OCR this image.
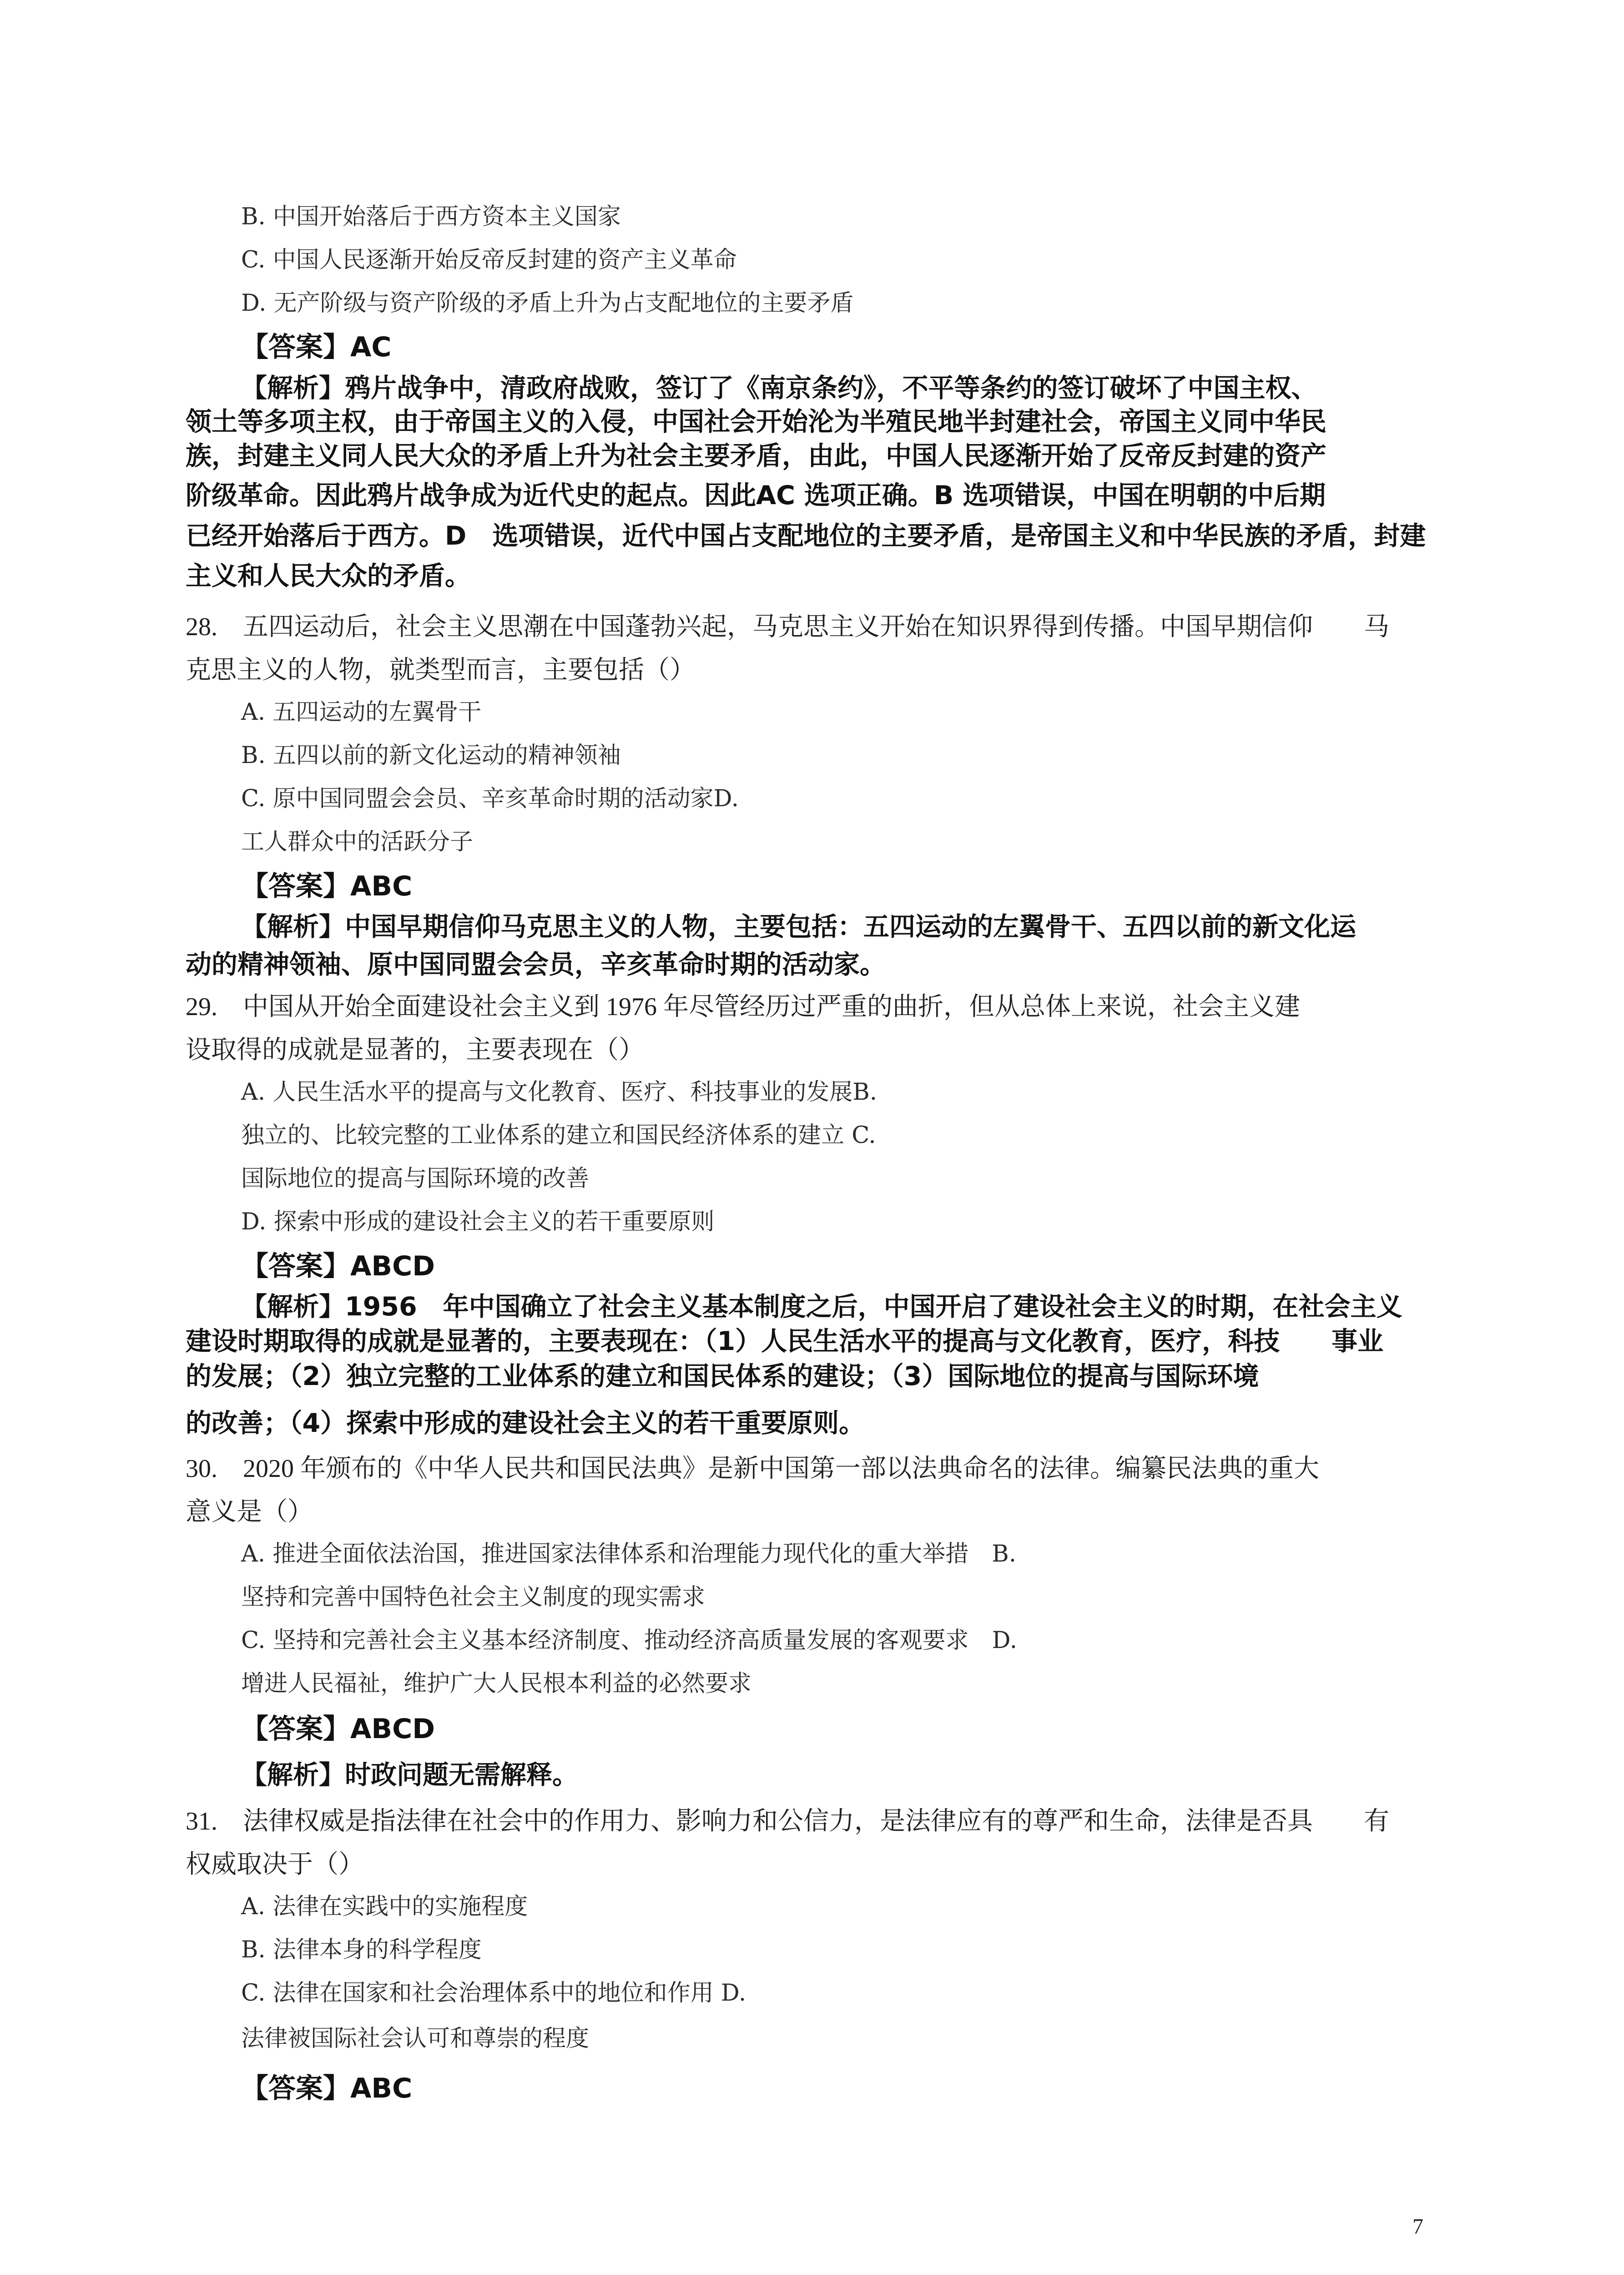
B. 中国开始落后于西方资本主义国家

C. 中国人民逐渐开始反帝反封建的资产主义革命

D. 无产阶级与资产阶级的矛盾上升为占支配地位的主要矛盾

【答案】AC

【解析】鸦片战争中，清政府战败，签订了《南京条约》，不平等条约的签订破坏了中国主权、

领土等多项主权，由于帝国主义的入侵，中国社会开始沦为半殖民地半封建社会，帝国主义同中华民

族，封建主义同人民大众的矛盾上升为社会主要矛盾，由此，中国人民逐渐开始了反帝反封建的资产

阶级革命。因此鸦片战争成为近代史的起点。因此AC 选项正确。B 选项错误，中国在明朝的中后期

已经开始落后于西方。D　选项错误，近代中国占支配地位的主要矛盾，是帝国主义和中华民族的矛盾，封建

主义和人民大众的矛盾。

28.　五四运动后，社会主义思潮在中国蓬勃兴起，马克思主义开始在知识界得到传播。中国早期信仰　　马

克思主义的人物，就类型而言，主要包括（）

A. 五四运动的左翼骨干

B. 五四以前的新文化运动的精神领袖

C. 原中国同盟会会员、辛亥革命时期的活动家D.

工人群众中的活跃分子

【答案】ABC

【解析】中国早期信仰马克思主义的人物，主要包括：五四运动的左翼骨干、五四以前的新文化运

动的精神领袖、原中国同盟会会员，辛亥革命时期的活动家。

29.　中国从开始全面建设社会主义到 1976 年尽管经历过严重的曲折，但从总体上来说，社会主义建

设取得的成就是显著的，主要表现在（）

A. 人民生活水平的提高与文化教育、医疗、科技事业的发展B.

独立的、比较完整的工业体系的建立和国民经济体系的建立 C.

国际地位的提高与国际环境的改善

D. 探索中形成的建设社会主义的若干重要原则

【答案】ABCD

【解析】1956　年中国确立了社会主义基本制度之后，中国开启了建设社会主义的时期，在社会主义

建设时期取得的成就是显著的，主要表现在：（1）人民生活水平的提高与文化教育，医疗，科技　　事业

的发展；（2）独立完整的工业体系的建立和国民体系的建设；（3）国际地位的提高与国际环境

的改善；（4）探索中形成的建设社会主义的若干重要原则。

30.　2020 年颁布的《中华人民共和国民法典》是新中国第一部以法典命名的法律。编纂民法典的重大

意义是（）

A. 推进全面依法治国，推进国家法律体系和治理能力现代化的重大举措　B.

坚持和完善中国特色社会主义制度的现实需求

C. 坚持和完善社会主义基本经济制度、推动经济高质量发展的客观要求　D.

增进人民福祉，维护广大人民根本利益的必然要求

【答案】ABCD

【解析】时政问题无需解释。

31.　法律权威是指法律在社会中的作用力、影响力和公信力，是法律应有的尊严和生命，法律是否具　　有

权威取决于（）

A. 法律在实践中的实施程度

B. 法律本身的科学程度

C. 法律在国家和社会治理体系中的地位和作用 D.

法律被国际社会认可和尊崇的程度

【答案】ABC

7
